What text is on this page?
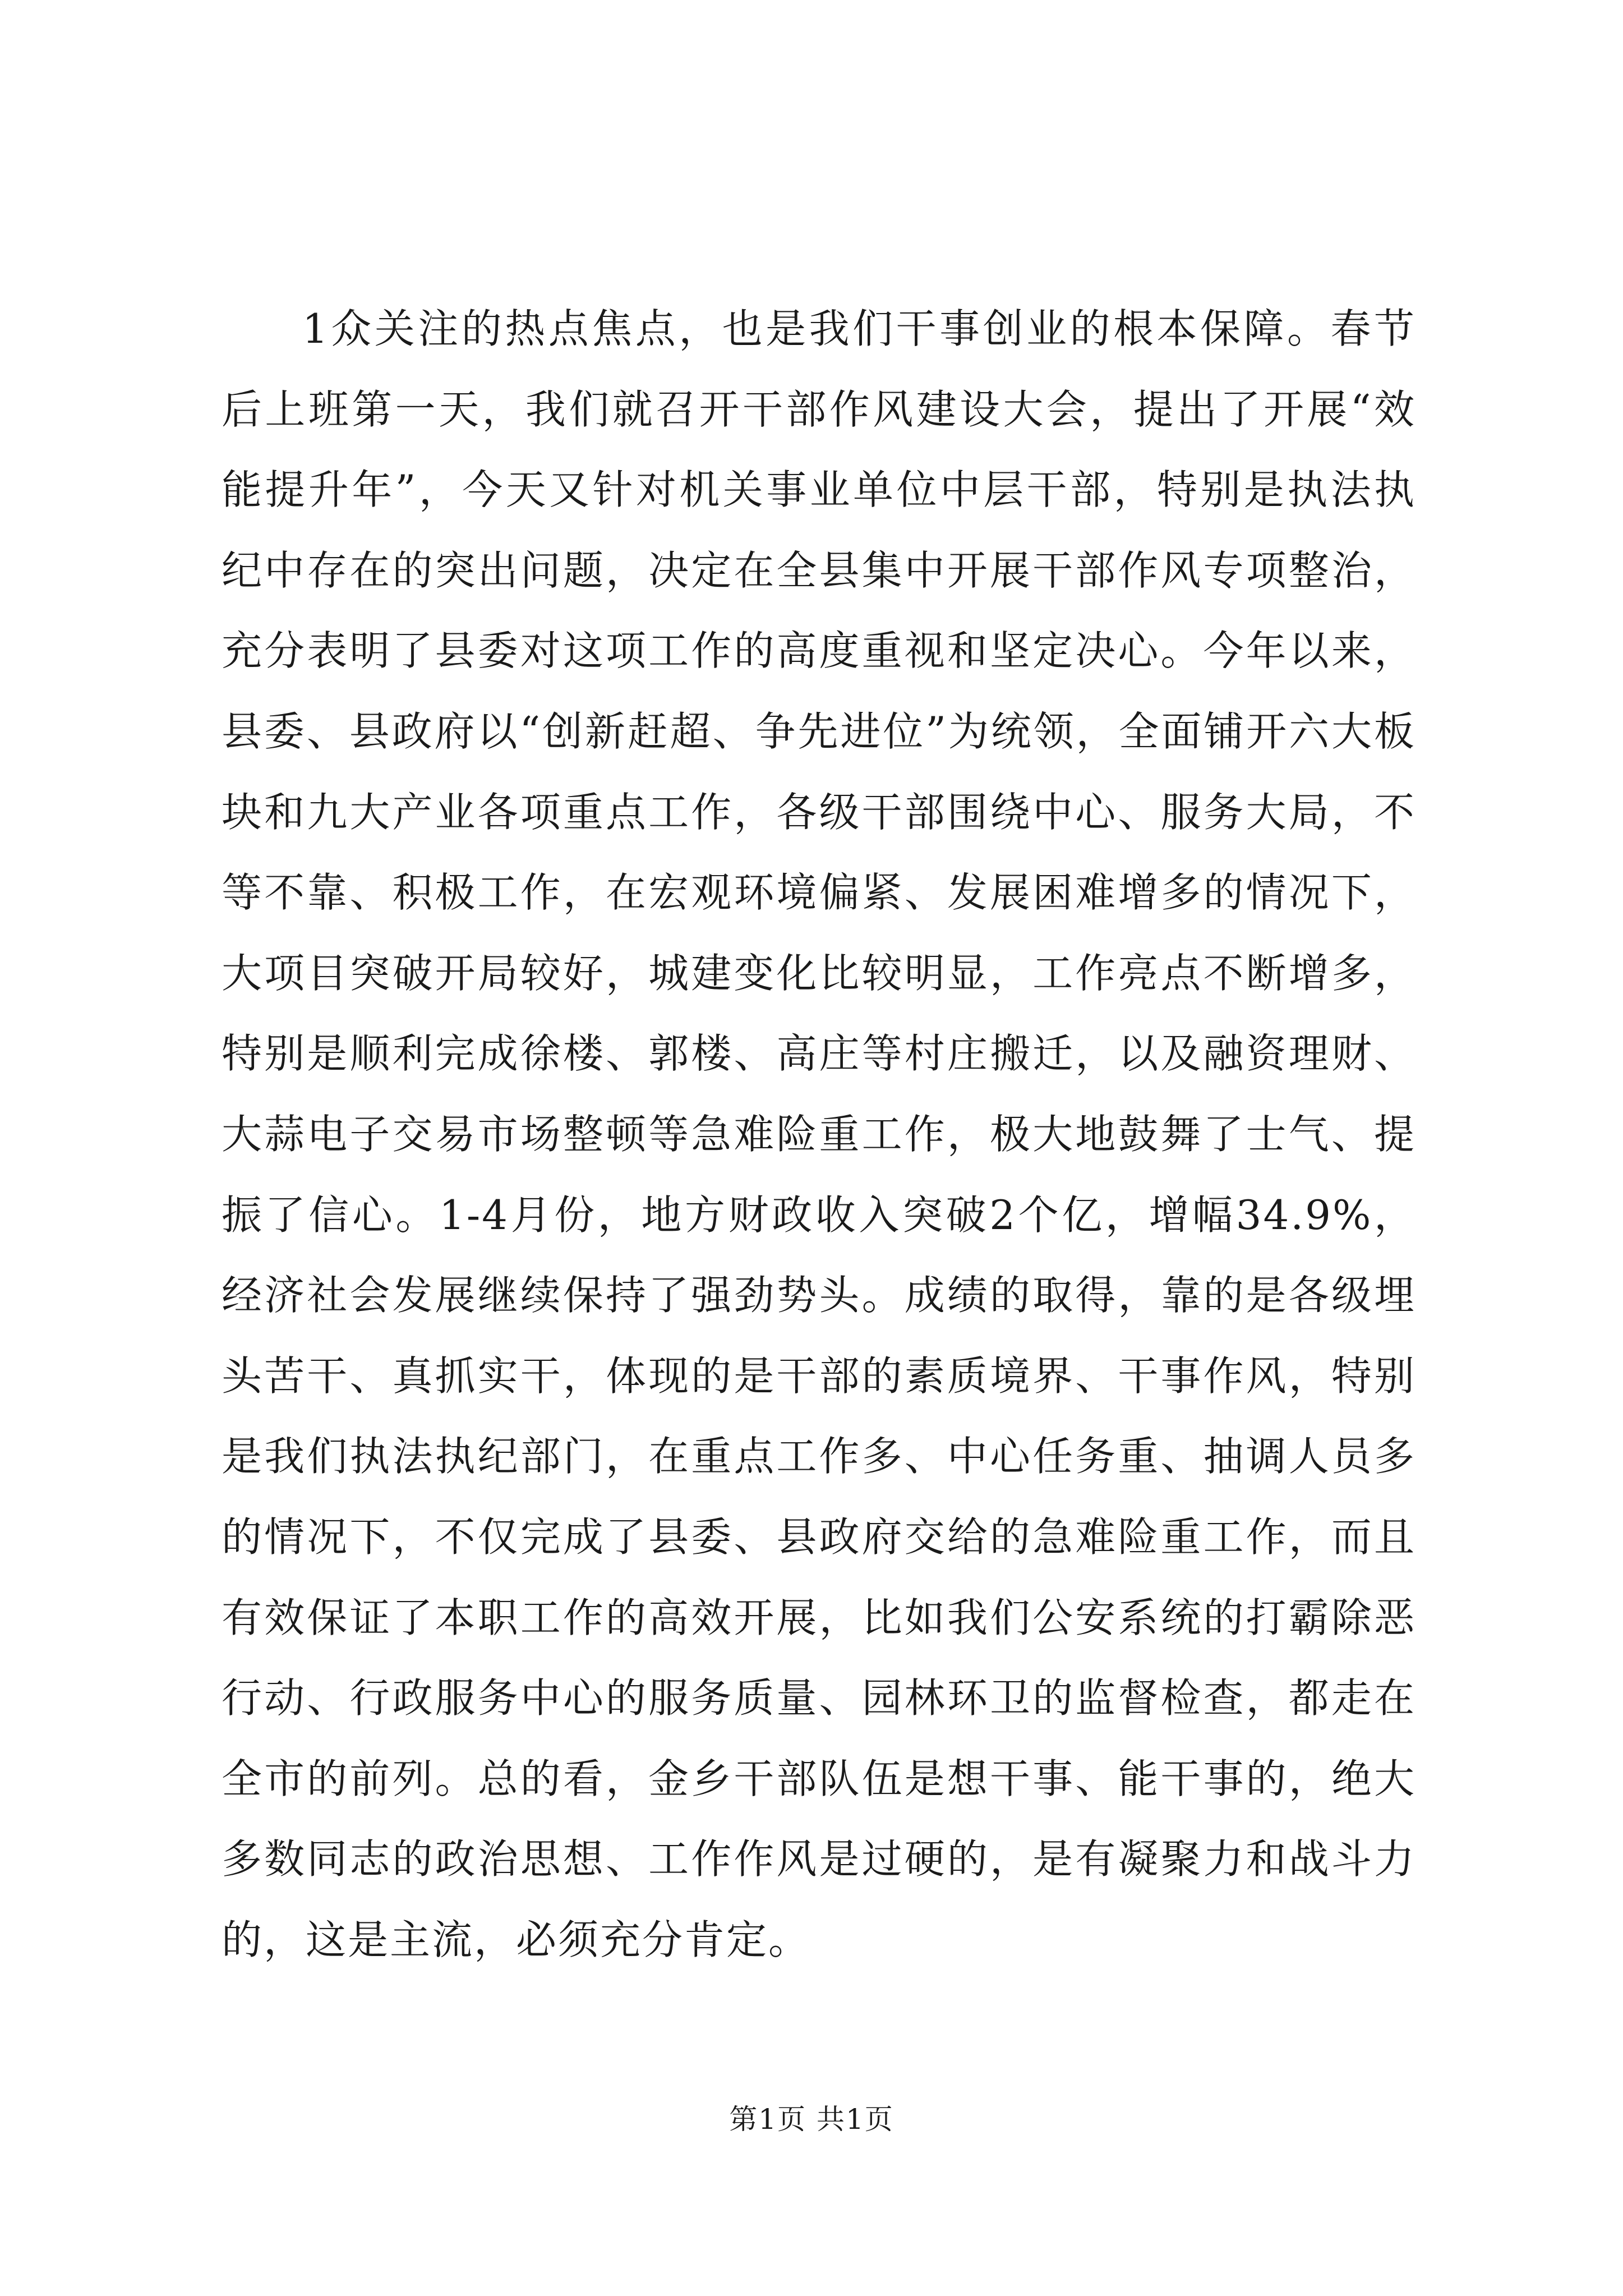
1众关注的热点焦点，也是我们干事创业的根本保障。春节后上班第一天，我们就召开干部作风建设大会，提出了开展“效能提升年”，今天又针对机关事业单位中层干部，特别是执法执纪中存在的突出问题，决定在全县集中开展干部作风专项整治，充分表明了县委对这项工作的高度重视和坚定决心。今年以来，县委、县政府以“创新赶超、争先进位”为统领，全面铺开六大板块和九大产业各项重点工作，各级干部围绕中心、服务大局，不等不靠、积极工作，在宏观环境偏紧、发展困难增多的情况下，大项目突破开局较好，城建变化比较明显，工作亮点不断增多，特别是顺利完成徐楼、郭楼、高庄等村庄搬迁，以及融资理财、大蒜电子交易市场整顿等急难险重工作，极大地鼓舞了士气、提振了信心。1-4月份，地方财政收入突破2个亿，增幅34.9%，经济社会发展继续保持了强劲势头。成绩的取得，靠的是各级埋头苦干、真抓实干，体现的是干部的素质境界、干事作风，特别是我们执法执纪部门，在重点工作多、中心任务重、抽调人员多的情况下，不仅完成了县委、县政府交给的急难险重工作，而且有效保证了本职工作的高效开展，比如我们公安系统的打霸除恶行动、行政服务中心的服务质量、园林环卫的监督检查，都走在全市的前列。总的看，金乡干部队伍是想干事、能干事的，绝大多数同志的政治思想、工作作风是过硬的，是有凝聚力和战斗力的，这是主流，必须充分肯定。

第1页 共1页
